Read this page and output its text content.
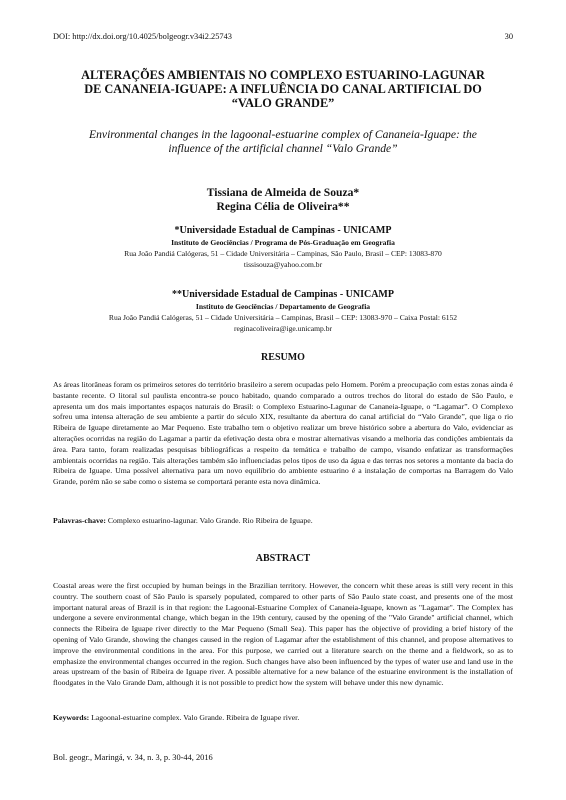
DOI: http://dx.doi.org/10.4025/bolgeogr.v34i2.25743	30
ALTERAÇÕES AMBIENTAIS NO COMPLEXO ESTUARINO-LAGUNAR
DE CANANEIA-IGUAPE: A INFLUÊNCIA DO CANAL ARTIFICIAL DO
“VALO GRANDE”
Environmental changes in the lagoonal-estuarine complex of Cananeia-Iguape: the
influence of the artificial channel “Valo Grande”
Tissiana de Almeida de Souza*
Regina Célia de Oliveira**
*Universidade Estadual de Campinas - UNICAMP
Instituto de Geociências / Programa de Pós-Graduação em Geografia
Rua João Pandiá Calógeras, 51 – Cidade Universitária – Campinas, São Paulo, Brasil – CEP: 13083-870
tissisouza@yahoo.com.br
**Universidade Estadual de Campinas - UNICAMP
Instituto de Geociências / Departamento de Geografia
Rua João Pandiá Calógeras, 51 – Cidade Universitária – Campinas, Brasil – CEP: 13083-970 – Caixa Postal: 6152
reginacoliveira@ige.unicamp.br
RESUMO
As áreas litorâneas foram os primeiros setores do território brasileiro a serem ocupadas pelo Homem. Porém a preocupação com estas zonas ainda é bastante recente. O litoral sul paulista encontra-se pouco habitado, quando comparado a outros trechos do litoral do estado de São Paulo, e apresenta um dos mais importantes espaços naturais do Brasil: o Complexo Estuarino-Lagunar de Cananeia-Iguape, o “Lagamar”. O Complexo sofreu uma intensa alteração de seu ambiente a partir do século XIX, resultante da abertura do canal artificial do “Valo Grande”, que liga o rio Ribeira de Iguape diretamente ao Mar Pequeno. Este trabalho tem o objetivo realizar um breve histórico sobre a abertura do Valo, evidenciar as alterações ocorridas na região do Lagamar a partir da efetivação desta obra e mostrar alternativas visando a melhoria das condições ambientais da área. Para tanto, foram realizadas pesquisas bibliográficas a respeito da temática e trabalho de campo, visando enfatizar as transformações ambientais ocorridas na região. Tais alterações também são influenciadas pelos tipos de uso da água e das terras nos setores a montante da bacia do Ribeira de Iguape. Uma possível alternativa para um novo equilíbrio do ambiente estuarino é a instalação de comportas na Barragem do Valo Grande, porém não se sabe como o sistema se comportará perante esta nova dinâmica.
Palavras-chave: Complexo estuarino-lagunar. Valo Grande. Rio Ribeira de Iguape.
ABSTRACT
Coastal areas were the first occupied by human beings in the Brazilian territory. However, the concern whit these areas is still very recent in this country. The southern coast of São Paulo is sparsely populated, compared to other parts of São Paulo state coast, and presents one of the most important natural areas of Brazil is in that region: the Lagoonal-Estuarine Complex of Cananeia-Iguape, known as "Lagamar". The Complex has undergone a severe environmental change, which began in the 19th century, caused by the opening of the "Valo Grande" artificial channel, which connects the Ribeira de Iguape river directly to the Mar Pequeno (Small Sea). This paper has the objective of providing a brief history of the opening of Valo Grande, showing the changes caused in the region of Lagamar after the establishment of this channel, and propose alternatives to improve the environmental conditions in the area. For this purpose, we carried out a literature search on the theme and a fieldwork, so as to emphasize the environmental changes occurred in the region. Such changes have also been influenced by the types of water use and land use in the areas upstream of the basin of Ribeira de Iguape river. A possible alternative for a new balance of the estuarine environment is the installation of floodgates in the Valo Grande Dam, although it is not possible to predict how the system will behave under this new dynamic.
Keywords: Lagoonal-estuarine complex. Valo Grande. Ribeira de Iguape river.
Bol. geogr., Maringá, v. 34, n. 3, p. 30-44, 2016
